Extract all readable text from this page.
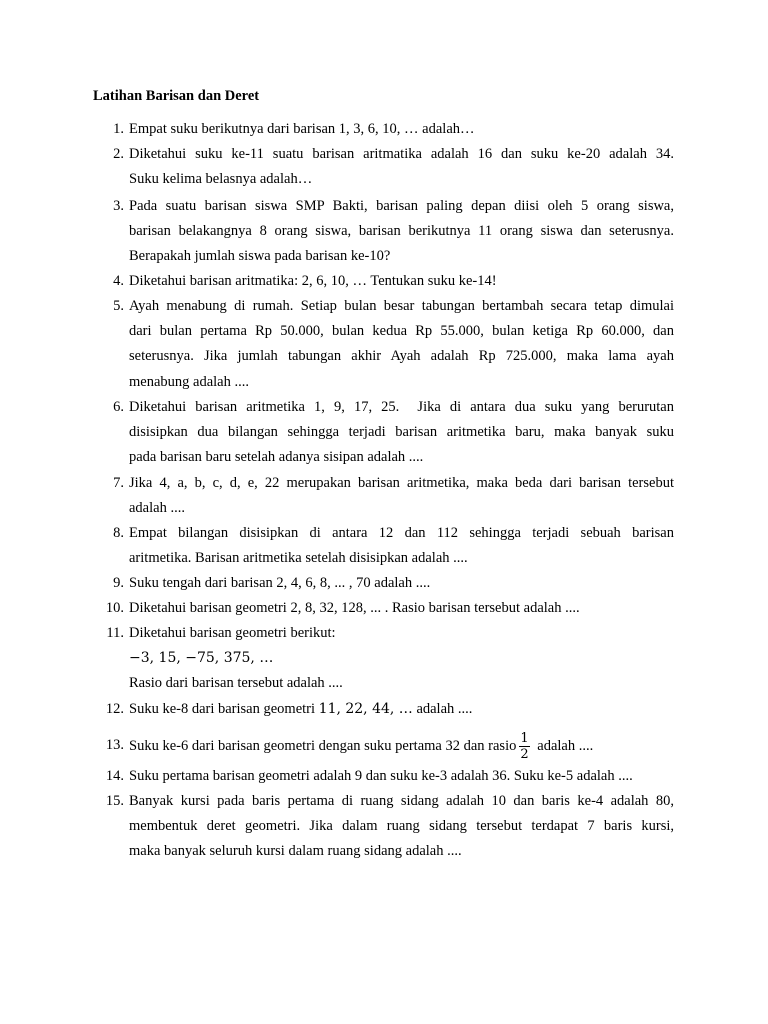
Latihan Barisan dan Deret
1. Empat suku berikutnya dari barisan 1, 3, 6, 10, … adalah…
2. Diketahui suku ke-11 suatu barisan aritmatika adalah 16 dan suku ke-20 adalah 34.
Suku kelima belasnya adalah…
3. Pada suatu barisan siswa SMP Bakti, barisan paling depan diisi oleh 5 orang siswa,
barisan belakangnya 8 orang siswa, barisan berikutnya 11 orang siswa dan seterusnya.
Berapakah jumlah siswa pada barisan ke-10?
4. Diketahui barisan aritmatika: 2, 6, 10, … Tentukan suku ke-14!
5. Ayah menabung di rumah. Setiap bulan besar tabungan bertambah secara tetap dimulai
dari bulan pertama Rp 50.000, bulan kedua Rp 55.000, bulan ketiga Rp 60.000, dan
seterusnya. Jika jumlah tabungan akhir Ayah adalah Rp 725.000, maka lama ayah
menabung adalah ....
6. Diketahui barisan aritmetika 1, 9, 17, 25.  Jika di antara dua suku yang berurutan
disisipkan dua bilangan sehingga terjadi barisan aritmetika baru, maka banyak suku
pada barisan baru setelah adanya sisipan adalah ....
7. Jika 4, a, b, c, d, e, 22 merupakan barisan aritmetika, maka beda dari barisan tersebut
adalah ....
8. Empat bilangan disisipkan di antara 12 dan 112 sehingga terjadi sebuah barisan
aritmetika. Barisan aritmetika setelah disisipkan adalah ....
9. Suku tengah dari barisan 2, 4, 6, 8, ... , 70 adalah ....
10. Diketahui barisan geometri 2, 8, 32, 128, ... . Rasio barisan tersebut adalah ....
11. Diketahui barisan geometri berikut:
−3, 15, −75, 375, …
Rasio dari barisan tersebut adalah ....
12. Suku ke-8 dari barisan geometri 11, 22, 44, … adalah ....
13. Suku ke-6 dari barisan geometri dengan suku pertama 32 dan rasio $\frac{1}{2}$ adalah ....
14. Suku pertama barisan geometri adalah 9 dan suku ke-3 adalah 36. Suku ke-5 adalah ....
15. Banyak kursi pada baris pertama di ruang sidang adalah 10 dan baris ke-4 adalah 80,
membentuk deret geometri. Jika dalam ruang sidang tersebut terdapat 7 baris kursi,
maka banyak seluruh kursi dalam ruang sidang adalah ....
